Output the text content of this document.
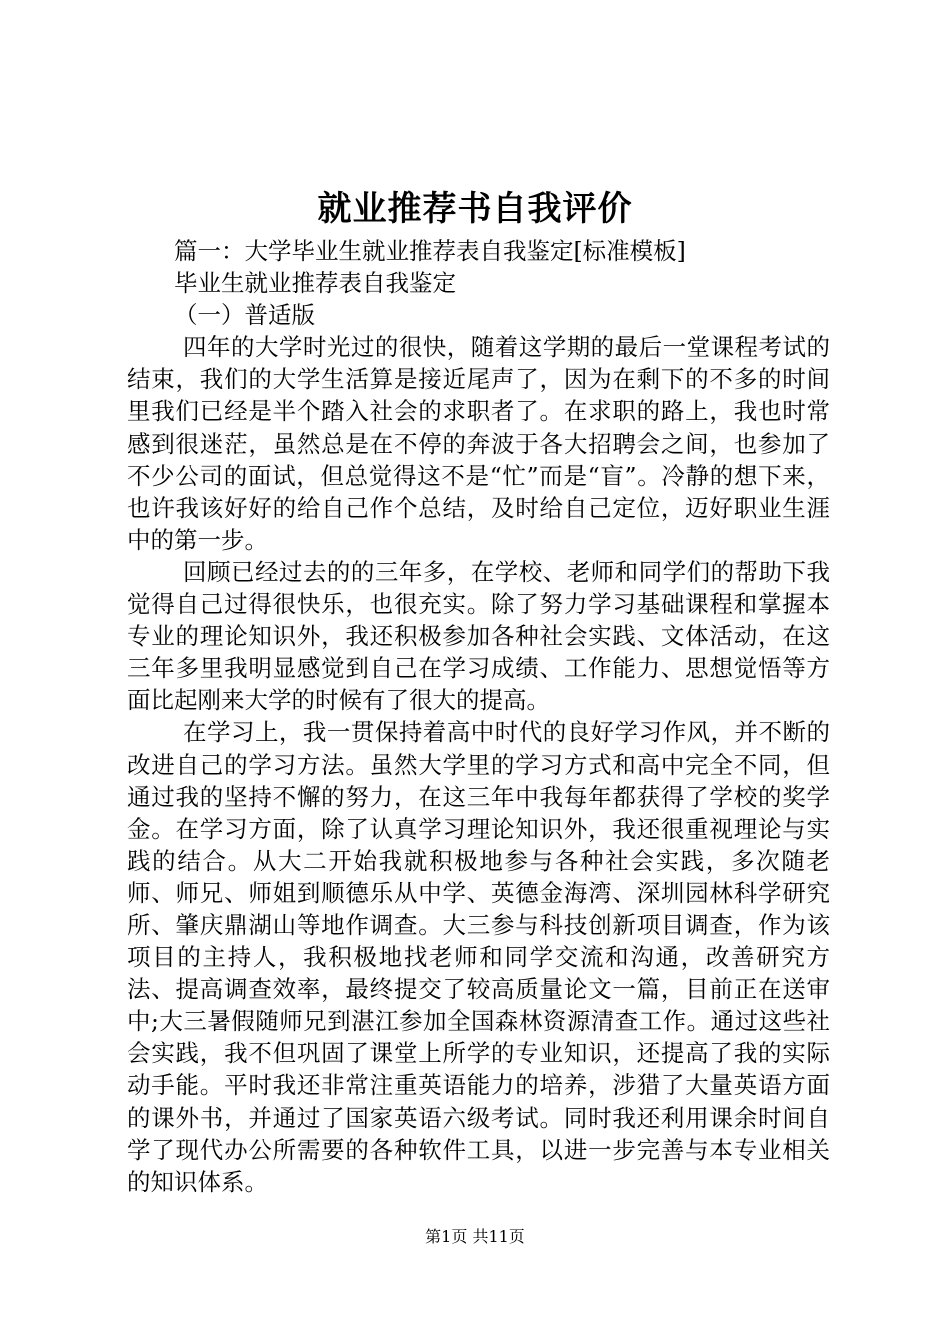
就业推荐书自我评价

篇一：大学毕业生就业推荐表自我鉴定[标准模板]

毕业生就业推荐表自我鉴定

（一）普适版

四年的大学时光过的很快，随着这学期的最后一堂课程考试的结束，我们的大学生活算是接近尾声了，因为在剩下的不多的时间里我们已经是半个踏入社会的求职者了。在求职的路上，我也时常感到很迷茫，虽然总是在不停的奔波于各大招聘会之间，也参加了不少公司的面试，但总觉得这不是“忙”而是“盲”。冷静的想下来，也许我该好好的给自己作个总结，及时给自己定位，迈好职业生涯中的第一步。

回顾已经过去的的三年多，在学校、老师和同学们的帮助下我觉得自己过得很快乐，也很充实。除了努力学习基础课程和掌握本专业的理论知识外，我还积极参加各种社会实践、文体活动，在这三年多里我明显感觉到自己在学习成绩、工作能力、思想觉悟等方面比起刚来大学的时候有了很大的提高。

在学习上，我一贯保持着高中时代的良好学习作风，并不断的改进自己的学习方法。虽然大学里的学习方式和高中完全不同，但通过我的坚持不懈的努力，在这三年中我每年都获得了学校的奖学金。在学习方面，除了认真学习理论知识外，我还很重视理论与实践的结合。从大二开始我就积极地参与各种社会实践，多次随老师、师兄、师姐到顺德乐从中学、英德金海湾、深圳园林科学研究所、肇庆鼎湖山等地作调查。大三参与科技创新项目调查，作为该项目的主持人，我积极地找老师和同学交流和沟通，改善研究方法、提高调查效率，最终提交了较高质量论文一篇，目前正在送审中;大三暑假随师兄到湛江参加全国森林资源清查工作。通过这些社会实践，我不但巩固了课堂上所学的专业知识，还提高了我的实际动手能。平时我还非常注重英语能力的培养，涉猎了大量英语方面的课外书，并通过了国家英语六级考试。同时我还利用课余时间自学了现代办公所需要的各种软件工具，以进一步完善与本专业相关的知识体系。

第1页 共11页
